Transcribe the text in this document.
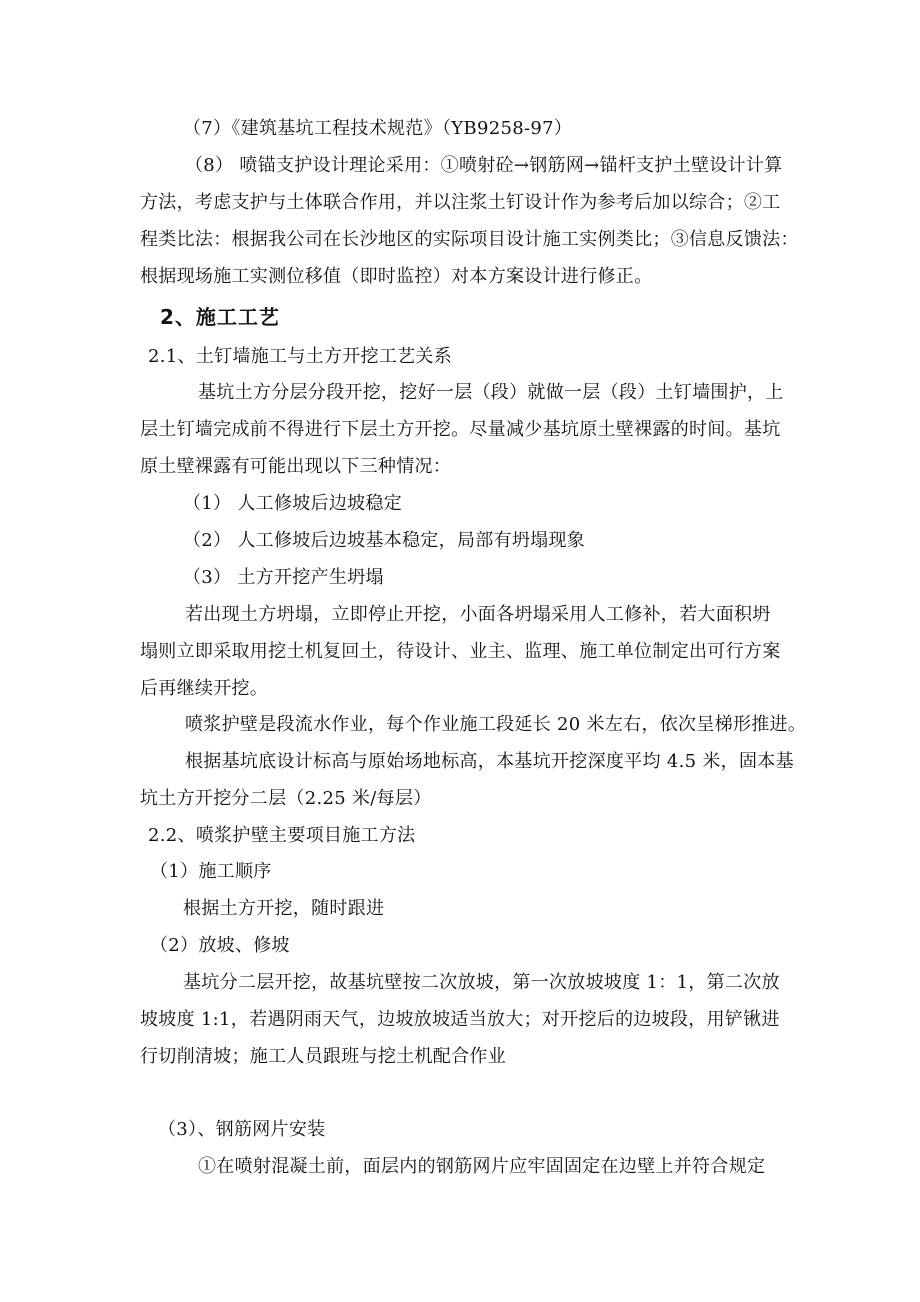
（7）《建筑基坑工程技术规范》（YB9258-97）
（8） 喷锚支护设计理论采用：①喷射砼→钢筋网→锚杆支护土壁设计计算
方法，考虑支护与土体联合作用，并以注浆土钉设计作为参考后加以综合；②工
程类比法：根据我公司在长沙地区的实际项目设计施工实例类比；③信息反馈法：
根据现场施工实测位移值（即时监控）对本方案设计进行修正。
2、施工工艺
2.1、土钉墙施工与土方开挖工艺关系
基坑土方分层分段开挖，挖好一层（段）就做一层（段）土钉墙围护，上
层土钉墙完成前不得进行下层土方开挖。尽量减少基坑原土壁裸露的时间。基坑
原土壁裸露有可能出现以下三种情况：
（1） 人工修坡后边坡稳定
（2） 人工修坡后边坡基本稳定，局部有坍塌现象
（3） 土方开挖产生坍塌
若出现土方坍塌，立即停止开挖，小面各坍塌采用人工修补，若大面积坍
塌则立即采取用挖土机复回土，待设计、业主、监理、施工单位制定出可行方案
后再继续开挖。
喷浆护壁是段流水作业，每个作业施工段延长 20 米左右，依次呈梯形推进。
根据基坑底设计标高与原始场地标高，本基坑开挖深度平均 4.5 米，固本基
坑土方开挖分二层（2.25 米/每层）
2.2、喷浆护壁主要项目施工方法
（1）施工顺序
根据土方开挖，随时跟进
（2）放坡、修坡
基坑分二层开挖，故基坑壁按二次放坡，第一次放坡坡度 1：1，第二次放
坡坡度 1:1，若遇阴雨天气，边坡放坡适当放大；对开挖后的边坡段，用铲锹进
行切削清坡；施工人员跟班与挖土机配合作业
（3）、钢筋网片安装
①在喷射混凝土前，面层内的钢筋网片应牢固固定在边壁上并符合规定
